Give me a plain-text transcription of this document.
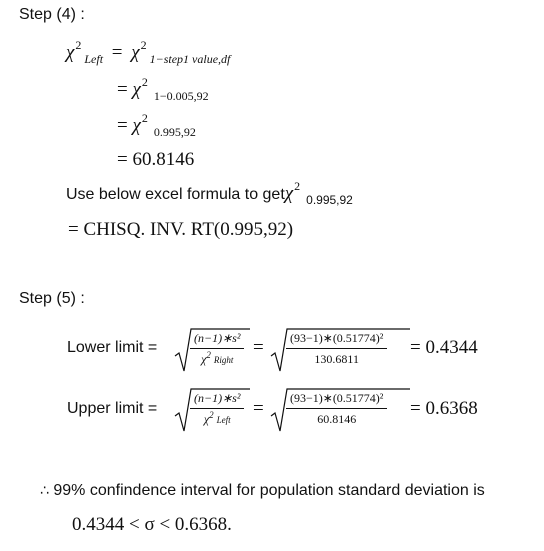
Step (4) :
$\chi^2_{Left} = \chi^2_{1-step1 value,df}$
= $\chi^2_{1-0.005,92}$
= $\chi^2_{0.995,92}$
= 60.8146
Use below excel formula to getχ$^2_{0.995,92}$
= CHISQ. INV. RT(0.995,92)
Step (5) :
Lower limit =
(n−1)∗s²
$\chi^2$ Right
= $\frac{\text{(93−1)∗(0.51774)²}}{130.6811} = 0.4344$
Upper limit =
(n−1)∗s²
$\chi^2$ Left
= $\frac{\text{(93−1)∗(0.51774)²}}{60.8146} = 0.6368$
∴ 99% confindence interval for population standard deviation is
0.4344 < σ < 0.6368.
